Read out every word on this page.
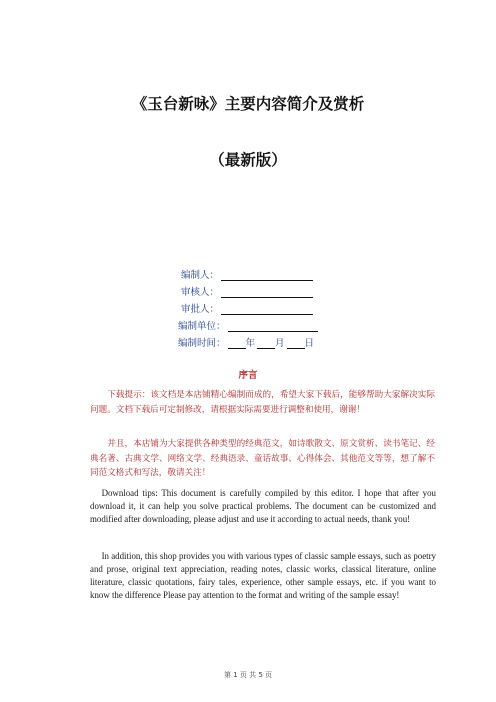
《玉台新咏》主要内容简介及赏析
（最新版）
编制人：
审核人：
审批人：
编制单位：
编制时间： 年 月 日
序言
下载提示：该文档是本店铺精心编制而成的，希望大家下载后，能够帮助大家解决实际问题。文档下载后可定制修改，请根据实际需要进行调整和使用，谢谢！
并且，本店铺为大家提供各种类型的经典范文，如诗歌散文、原文赏析、读书笔记、经典名著、古典文学、网络文学、经典语录、童话故事、心得体会、其他范文等等，想了解不同范文格式和写法，敬请关注！
Download tips: This document is carefully compiled by this editor. I hope that after you download it, it can help you solve practical problems. The document can be customized and modified after downloading, please adjust and use it according to actual needs, thank you!
In addition, this shop provides you with various types of classic sample essays, such as poetry and prose, original text appreciation, reading notes, classic works, classical literature, online literature, classic quotations, fairy tales, experience, other sample essays, etc. if you want to know the difference Please pay attention to the format and writing of the sample essay!
第 1 页 共 5 页
